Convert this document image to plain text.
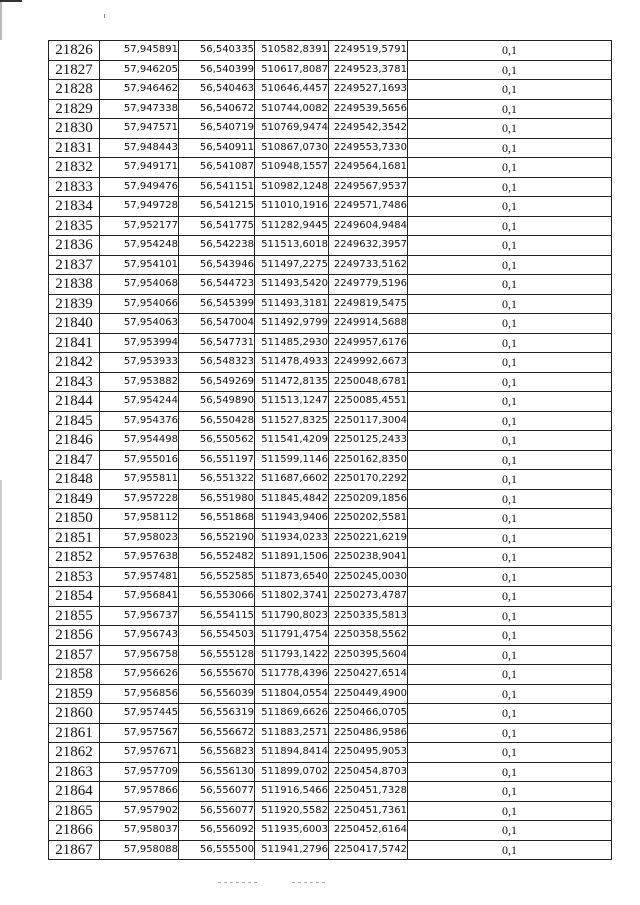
21826	57,945891	56,540335	510582,8391	2249519,5791	0,1
21827	57,946205	56,540399	510617,8087	2249523,3781	0,1
21828	57,946462	56,540463	510646,4457	2249527,1693	0,1
21829	57,947338	56,540672	510744,0082	2249539,5656	0,1
21830	57,947571	56,540719	510769,9474	2249542,3542	0,1
21831	57,948443	56,540911	510867,0730	2249553,7330	0,1
21832	57,949171	56,541087	510948,1557	2249564,1681	0,1
21833	57,949476	56,541151	510982,1248	2249567,9537	0,1
21834	57,949728	56,541215	511010,1916	2249571,7486	0,1
21835	57,952177	56,541775	511282,9445	2249604,9484	0,1
21836	57,954248	56,542238	511513,6018	2249632,3957	0,1
21837	57,954101	56,543946	511497,2275	2249733,5162	0,1
21838	57,954068	56,544723	511493,5420	2249779,5196	0,1
21839	57,954066	56,545399	511493,3181	2249819,5475	0,1
21840	57,954063	56,547004	511492,9799	2249914,5688	0,1
21841	57,953994	56,547731	511485,2930	2249957,6176	0,1
21842	57,953933	56,548323	511478,4933	2249992,6673	0,1
21843	57,953882	56,549269	511472,8135	2250048,6781	0,1
21844	57,954244	56,549890	511513,1247	2250085,4551	0,1
21845	57,954376	56,550428	511527,8325	2250117,3004	0,1
21846	57,954498	56,550562	511541,4209	2250125,2433	0,1
21847	57,955016	56,551197	511599,1146	2250162,8350	0,1
21848	57,955811	56,551322	511687,6602	2250170,2292	0,1
21849	57,957228	56,551980	511845,4842	2250209,1856	0,1
21850	57,958112	56,551868	511943,9406	2250202,5581	0,1
21851	57,958023	56,552190	511934,0233	2250221,6219	0,1
21852	57,957638	56,552482	511891,1506	2250238,9041	0,1
21853	57,957481	56,552585	511873,6540	2250245,0030	0,1
21854	57,956841	56,553066	511802,3741	2250273,4787	0,1
21855	57,956737	56,554115	511790,8023	2250335,5813	0,1
21856	57,956743	56,554503	511791,4754	2250358,5562	0,1
21857	57,956758	56,555128	511793,1422	2250395,5604	0,1
21858	57,956626	56,555670	511778,4396	2250427,6514	0,1
21859	57,956856	56,556039	511804,0554	2250449,4900	0,1
21860	57,957445	56,556319	511869,6626	2250466,0705	0,1
21861	57,957567	56,556672	511883,2571	2250486,9586	0,1
21862	57,957671	56,556823	511894,8414	2250495,9053	0,1
21863	57,957709	56,556130	511899,0702	2250454,8703	0,1
21864	57,957866	56,556077	511916,5466	2250451,7328	0,1
21865	57,957902	56,556077	511920,5582	2250451,7361	0,1
21866	57,958037	56,556092	511935,6003	2250452,6164	0,1
21867	57,958088	56,555500	511941,2796	2250417,5742	0,1
